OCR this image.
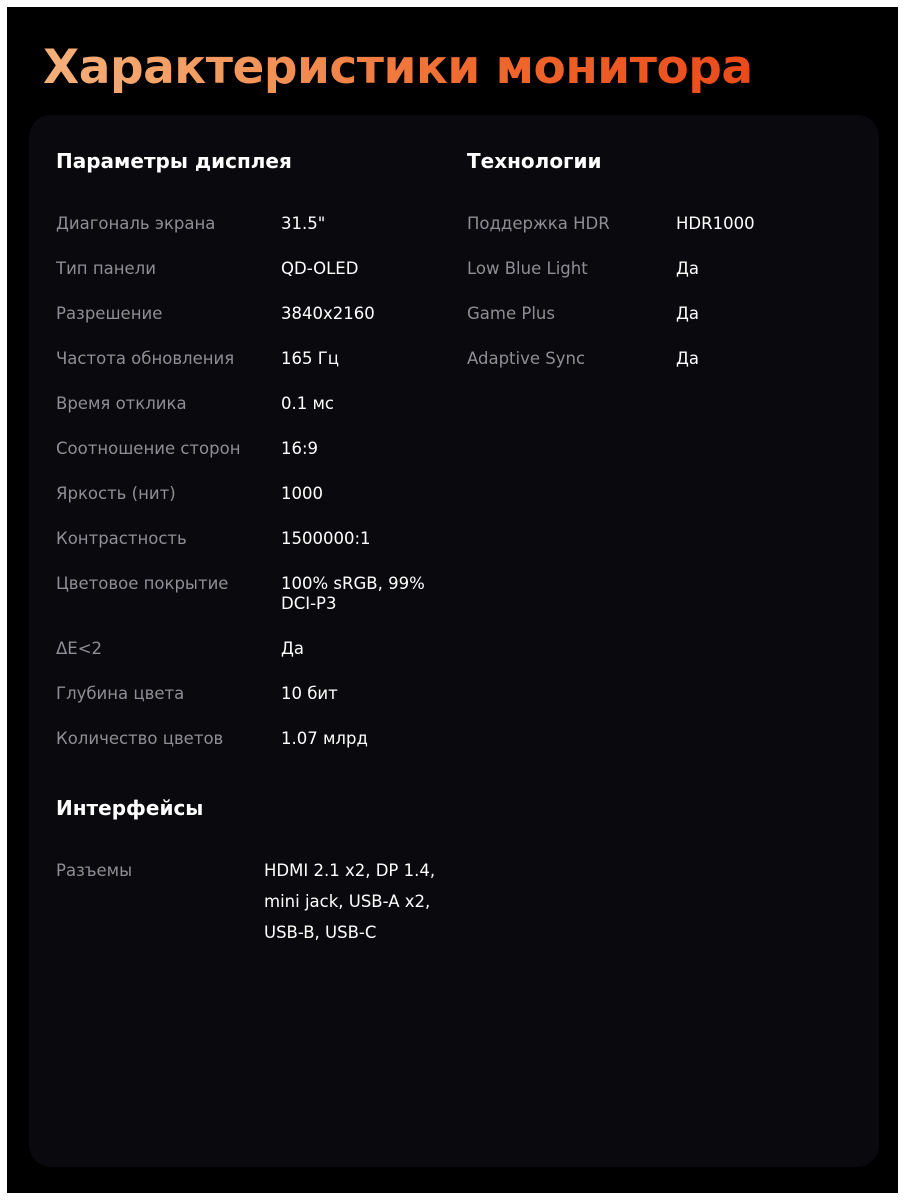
Характеристики монитора
Параметры дисплея
Диагональ экрана	31.5"
Тип панели	QD-OLED
Разрешение	3840x2160
Частота обновления	165 Гц
Время отклика	0.1 мс
Соотношение сторон	16:9
Яркость (нит)	1000
Контрастность	1500000:1
Цветовое покрытие	100% sRGB, 99% DCI-P3
ΔE<2	Да
Глубина цвета	10 бит
Количество цветов	1.07 млрд
Технологии
Поддержка HDR	HDR1000
Low Blue Light	Да
Game Plus	Да
Adaptive Sync	Да
Интерфейсы
Разъемы	HDMI 2.1 x2, DP 1.4, mini jack, USB-A x2, USB-B, USB-C
